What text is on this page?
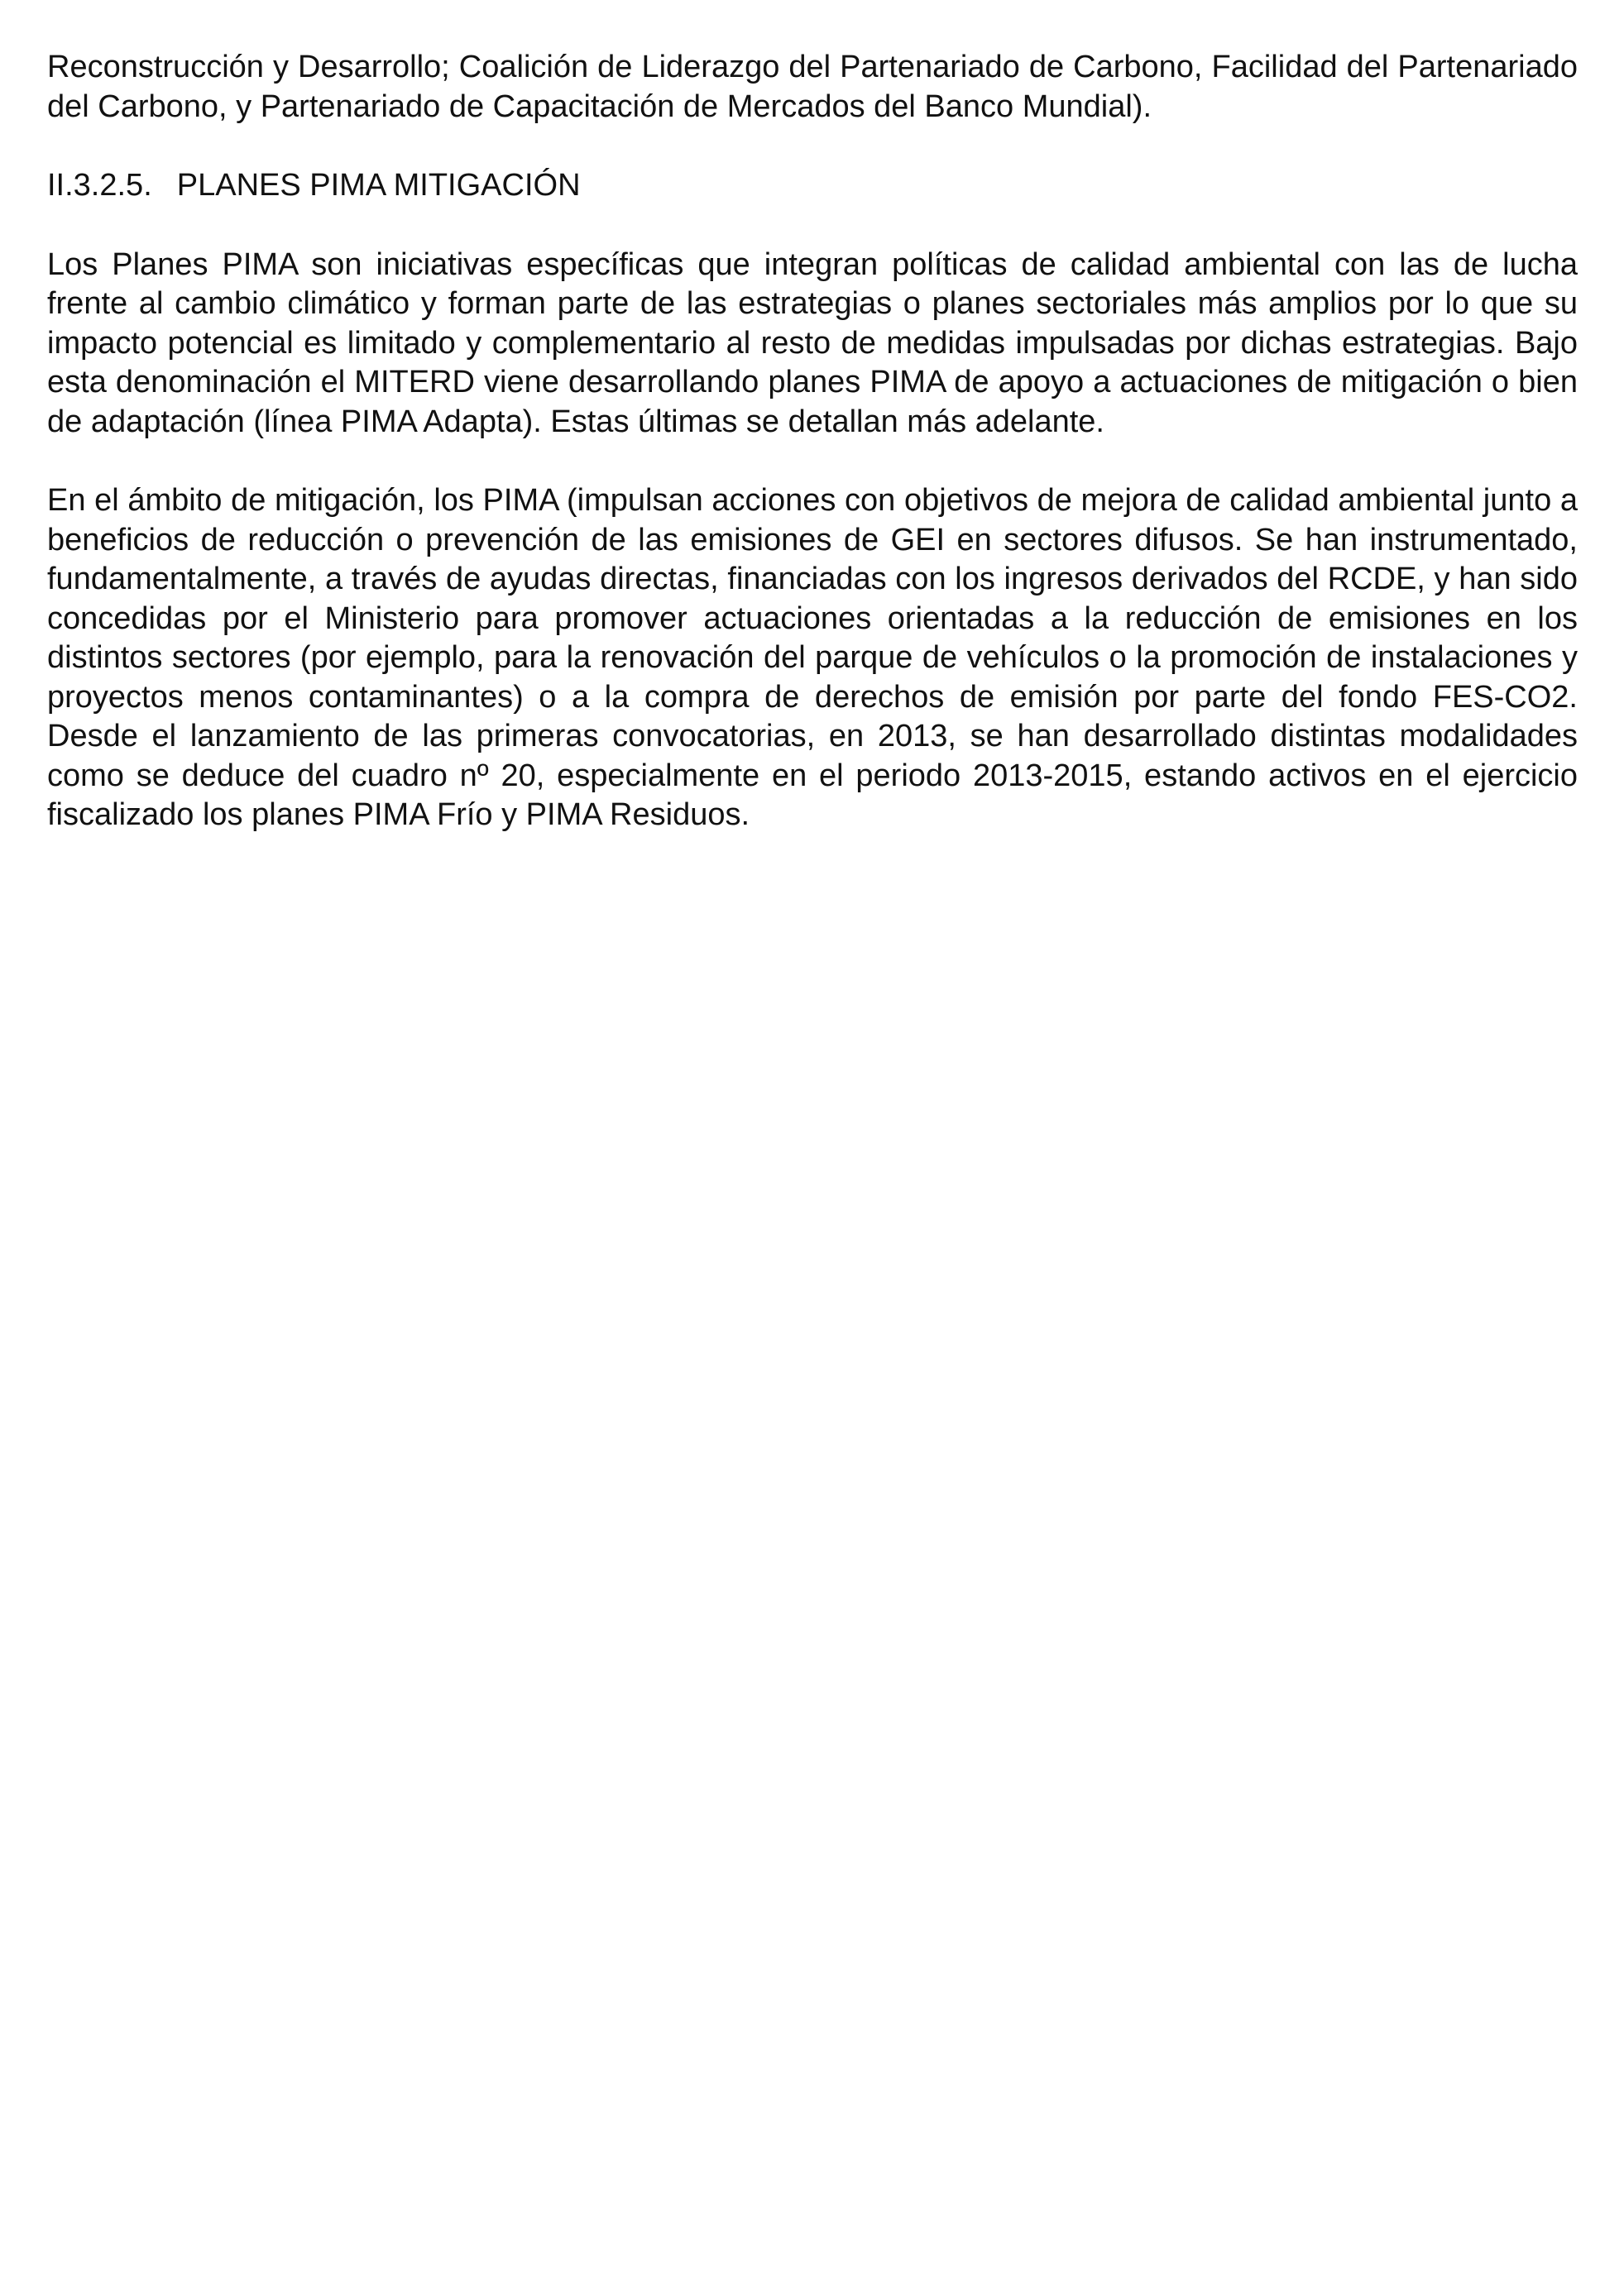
Reconstrucción y Desarrollo; Coalición de Liderazgo del Partenariado de Carbono, Facilidad del Partenariado del Carbono, y Partenariado de Capacitación de Mercados del Banco Mundial).

II.3.2.5. PLANES PIMA MITIGACIÓN

Los Planes PIMA son iniciativas específicas que integran políticas de calidad ambiental con las de lucha frente al cambio climático y forman parte de las estrategias o planes sectoriales más amplios por lo que su impacto potencial es limitado y complementario al resto de medidas impulsadas por dichas estrategias. Bajo esta denominación el MITERD viene desarrollando planes PIMA de apoyo a actuaciones de mitigación o bien de adaptación (línea PIMA Adapta). Estas últimas se detallan más adelante.

En el ámbito de mitigación, los PIMA (impulsan acciones con objetivos de mejora de calidad ambiental junto a beneficios de reducción o prevención de las emisiones de GEI en sectores difusos. Se han instrumentado, fundamentalmente, a través de ayudas directas, financiadas con los ingresos derivados del RCDE, y han sido concedidas por el Ministerio para promover actuaciones orientadas a la reducción de emisiones en los distintos sectores (por ejemplo, para la renovación del parque de vehículos o la promoción de instalaciones y proyectos menos contaminantes) o a la compra de derechos de emisión por parte del fondo FES-CO2. Desde el lanzamiento de las primeras convocatorias, en 2013, se han desarrollado distintas modalidades como se deduce del cuadro nº 20, especialmente en el periodo 2013-2015, estando activos en el ejercicio fiscalizado los planes PIMA Frío y PIMA Residuos.
